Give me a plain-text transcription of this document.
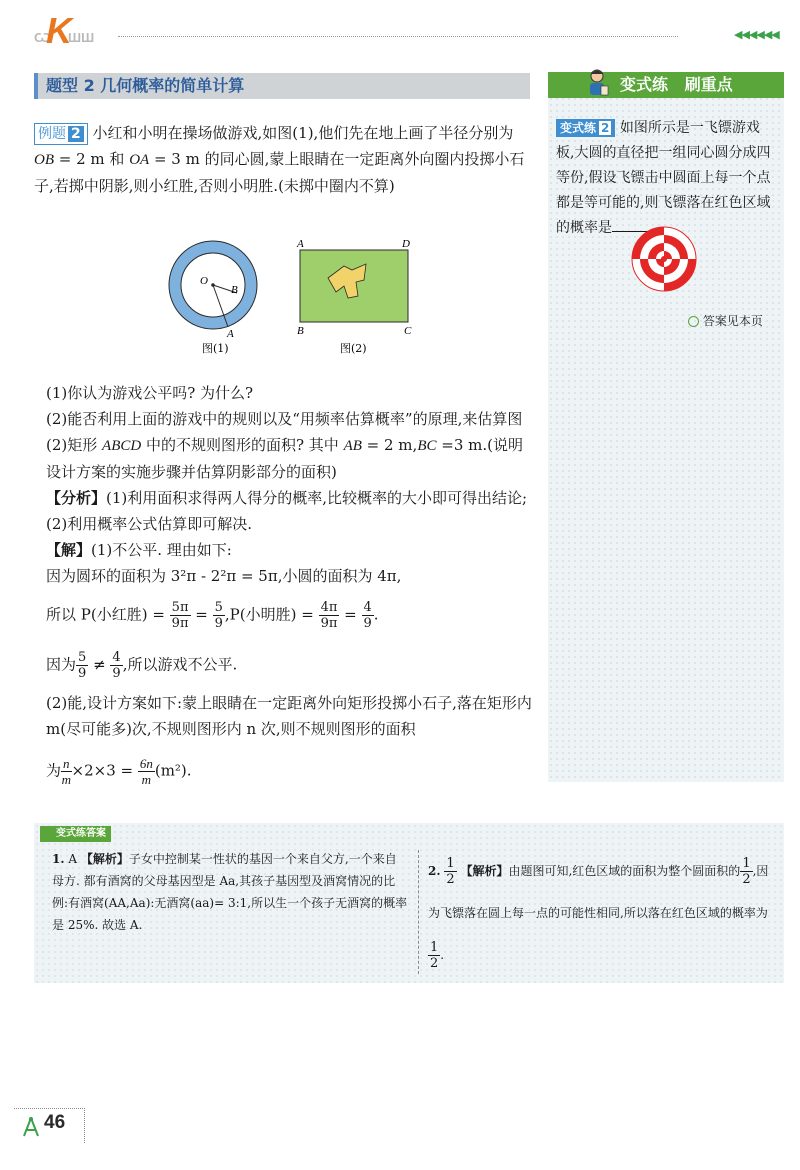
Ѡ
K
ШШ	◀◀◀◀◀◀
题型 2 几何概率的简单计算	变式练   刷重点
变式练 2 如图所示是一飞镖游戏板,大圆的直径把一组同心圆分成四等份,假设飞镖击中圆面上每一个点都是等可能的,则飞镖落在红色区域的概率是
答案见本页
例题 2 小红和小明在操场做游戏,如图(1),他们先在地上画了半径分别为 OB = 2 m 和 OA = 3 m 的同心圆,蒙上眼睛在一定距离外向圈内投掷小石子,若掷中阴影,则小红胜,否则小明胜.(未掷中圈内不算)
O
B
A
图(1)
A	D
B	C
图(2)
(1)你认为游戏公平吗? 为什么?
(2)能否利用上面的游戏中的规则以及“用频率估算概率”的原理,来估算图(2)矩形 ABCD 中的不规则图形的面积? 其中 AB = 2 m,BC =3 m.(说明设计方案的实施步骤并估算阴影部分的面积)
【分析】(1)利用面积求得两人得分的概率,比较概率的大小即可得出结论;(2)利用概率公式估算即可解决.
【解】(1)不公平. 理由如下:
因为圆环的面积为 3²π - 2²π = 5π,小圆的面积为 4π,
所以 P(小红胜) = $\frac{5\pi}{9\pi} = \frac{5}{9} ,P$(小明胜) = $\frac{4\pi}{9\pi} = \frac{4}{9}$ .
因为 $\frac{5}{9} \ne \frac{4}{9}$ ,所以游戏不公平.
(2)能,设计方案如下:蒙上眼睛在一定距离外向矩形投掷小石子,落在矩形内 m(尽可能多)次,不规则图形内 n 次,则不规则图形的面积
为 $\frac{n}{m} \times 2\times 3 = \frac{6n}{m} (m^2)$.
变式练答案
1. A 【解析】子女中控制某一性状的基因一个来自父方,一个来自母方. 都有酒窝的父母基因型是 Aa,其孩子基因型及酒窝情况的比例:有酒窝(AA,Aa):无酒窝(aa)= 3:1,所以生一个孩子无酒窝的概率是 25%. 故选 A.
2. $\frac{1}{2}$ 【解析】由题图可知,红色区域的面积为整个圆面积的 $\frac{1}{2}$ ,因为飞镖落在圆上每一点的可能性相同,所以落在红色区域的概率为
$\frac{1}{2}$ .
46
